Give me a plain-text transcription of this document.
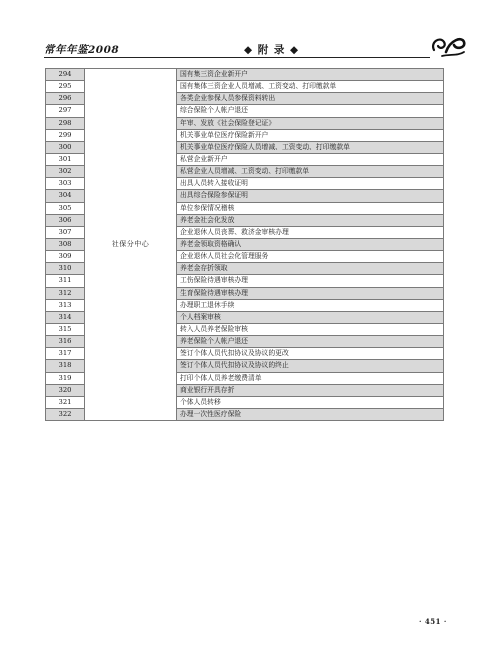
常年年鉴2008	◆ 附 录 ◆
294	社保分中心	国有集三资企业新开户
295		国有集体三资企业人员增减、工资变动、打印缴款单
296		各类企业参保人员参保资料转出
297		综合保险个人帐户退还
298		年审、发放《社会保险登记证》
299		机关事业单位医疗保险新开户
300		机关事业单位医疗保险人员增减、工资变动、打印缴款单
301		私营企业新开户
302		私营企业人员增减、工资变动、打印缴款单
303		出具人员转入接收证明
304		出具综合保险参保证明
305		单位参保情况稽核
306		养老金社会化发放
307		企业退休人员丧葬、救济金审核办理
308		养老金领取资格确认
309		企业退休人员社会化管理服务
310		养老金存折领取
311		工伤保险待遇审核办理
312		生育保险待遇审核办理
313		办理职工退休手续
314		个人档案审核
315		转入人员养老保险审核
316		养老保险个人帐户退还
317		签订个体人员代扣协议及协议的更改
318		签订个体人员代扣协议及协议的终止
319		打印个体人员养老缴费清单
320		商业银行开具存折
321		个体人员转移
322		办理一次性医疗保险
· 451 ·
